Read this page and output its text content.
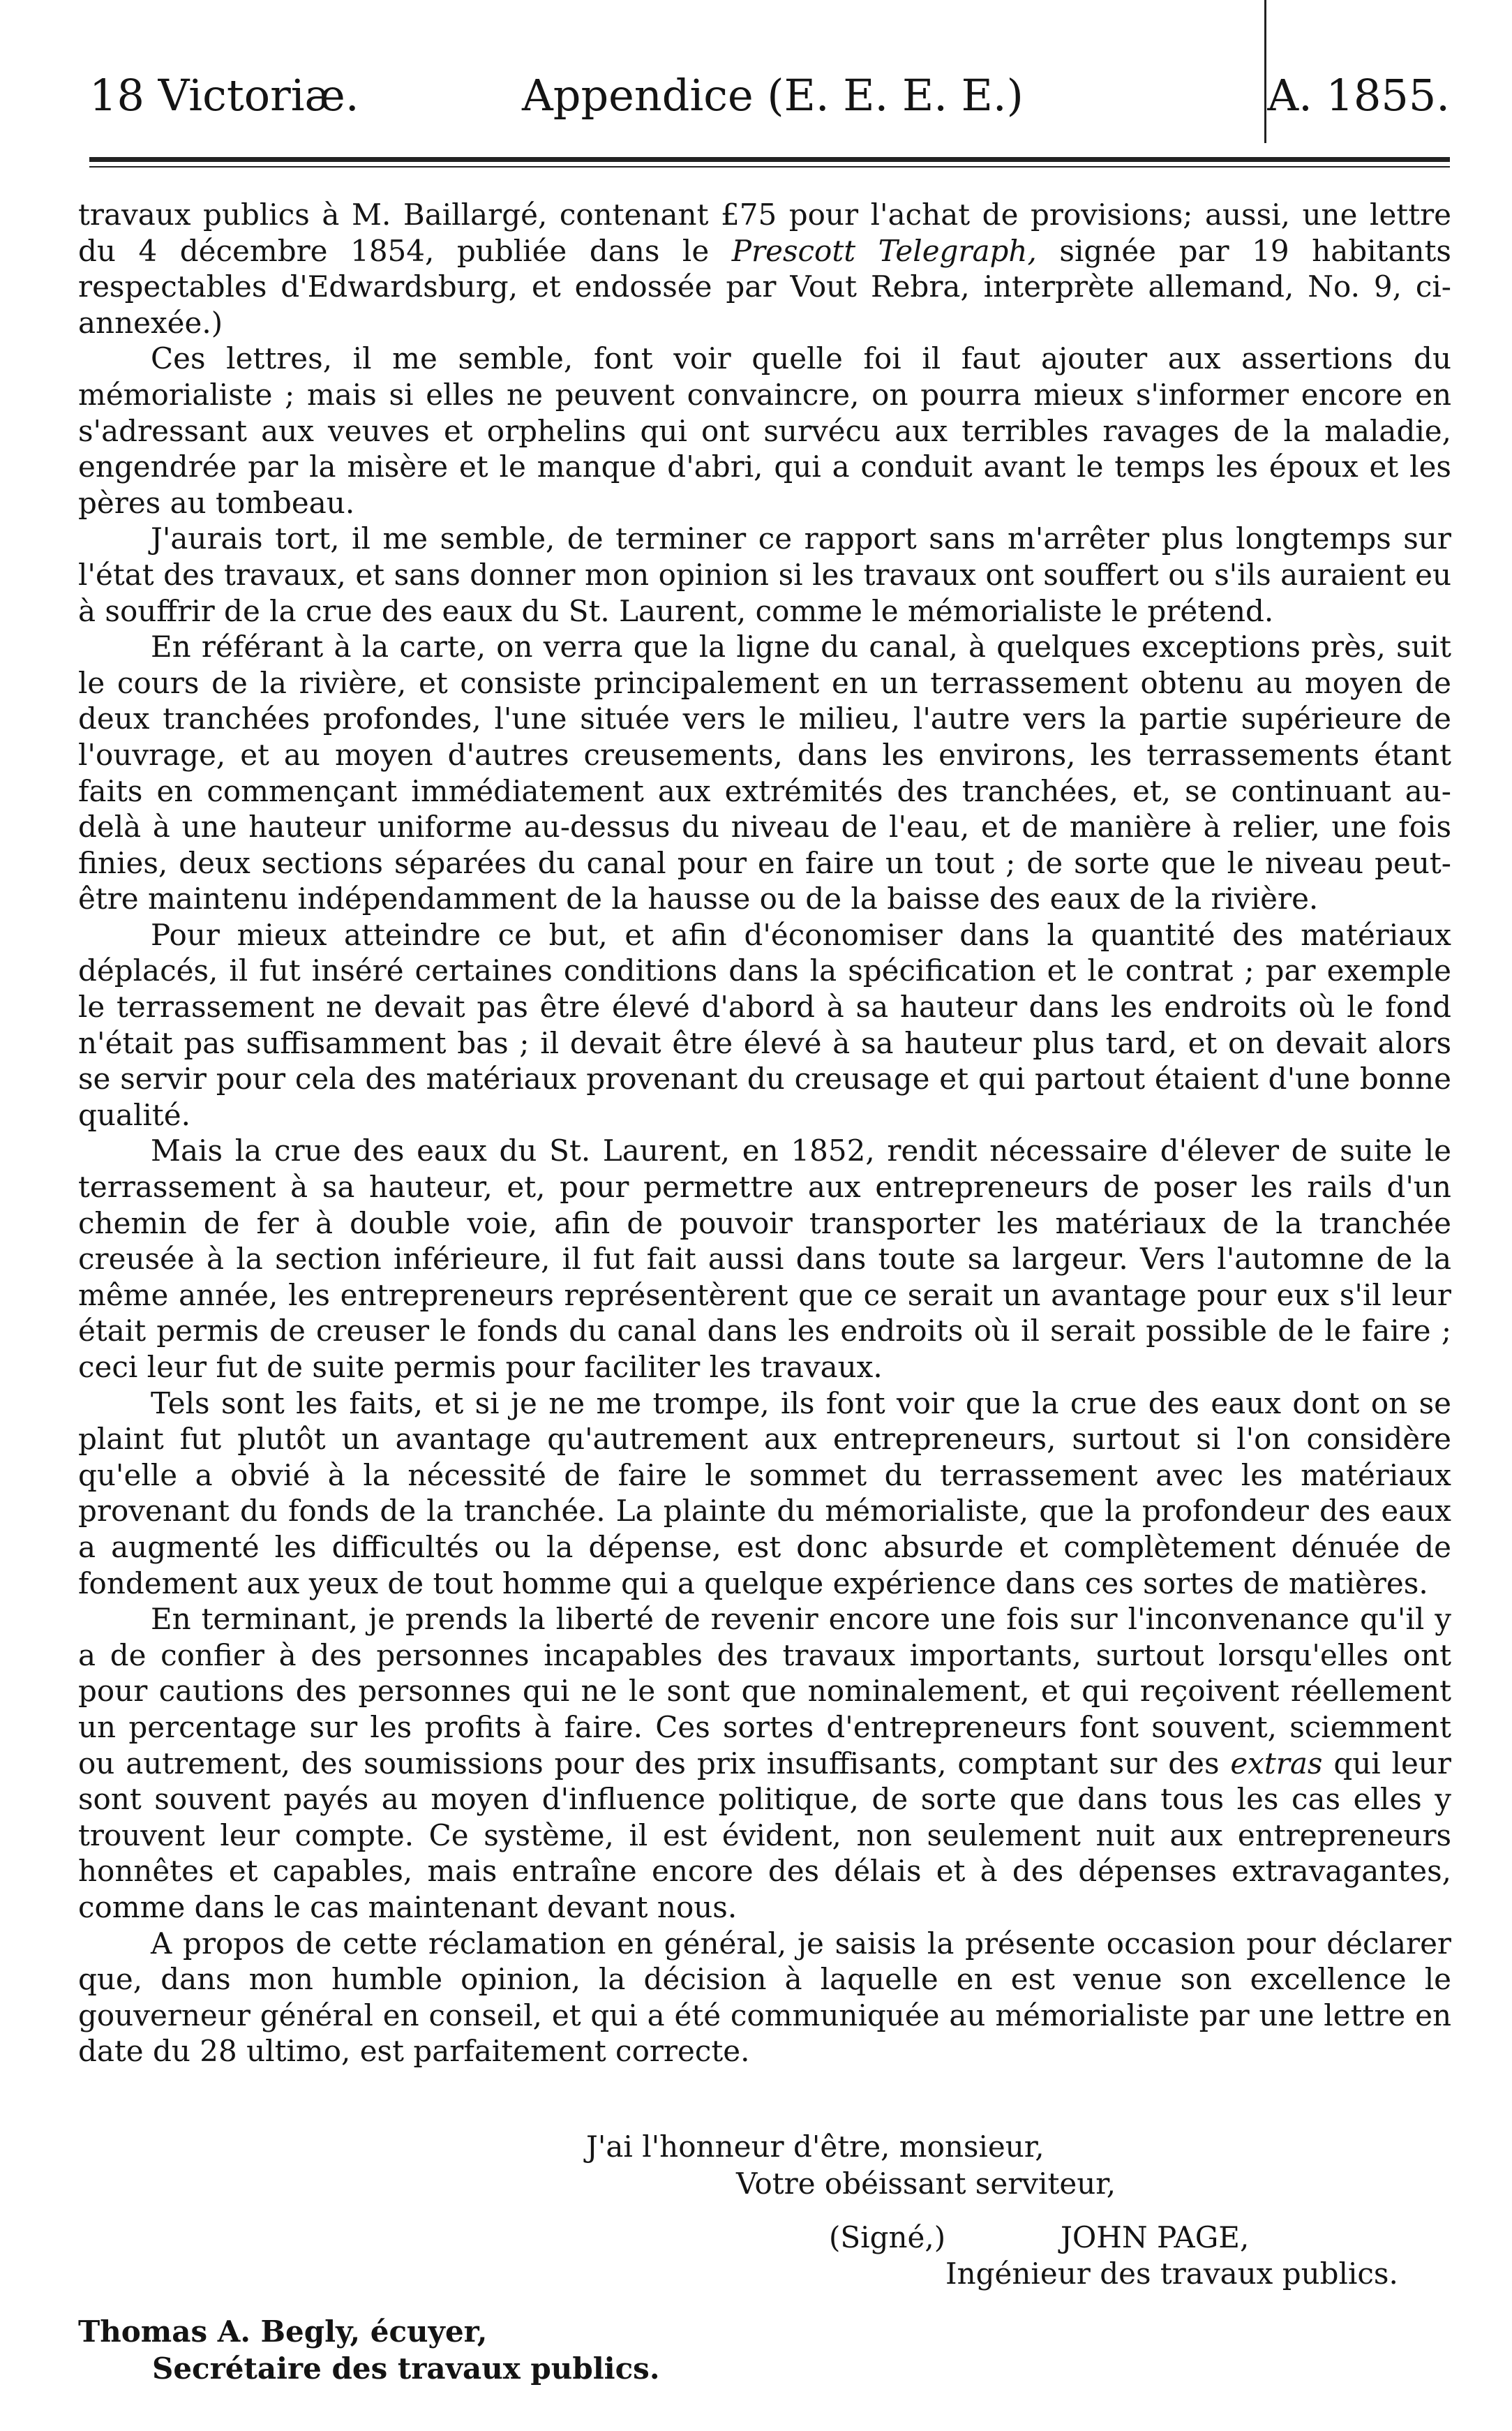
18 Victoriæ.	Appendice (E. E. E. E.)	A. 1855.

travaux publics à M. Baillargé, contenant £75 pour l'achat de provisions; aussi, une lettre du 4 décembre 1854, publiée dans le Prescott Telegraph, signée par 19 habitants respectables d'Edwardsburg, et endossée par Vout Rebra, interprète allemand, No. 9, ci-annexée.)

Ces lettres, il me semble, font voir quelle foi il faut ajouter aux assertions du mémorialiste ; mais si elles ne peuvent convaincre, on pourra mieux s'informer encore en s'adressant aux veuves et orphelins qui ont survécu aux terribles ravages de la maladie, engendrée par la misère et le manque d'abri, qui a conduit avant le temps les époux et les pères au tombeau.

J'aurais tort, il me semble, de terminer ce rapport sans m'arrêter plus longtemps sur l'état des travaux, et sans donner mon opinion si les travaux ont souffert ou s'ils auraient eu à souffrir de la crue des eaux du St. Laurent, comme le mémorialiste le prétend.

En référant à la carte, on verra que la ligne du canal, à quelques exceptions près, suit le cours de la rivière, et consiste principalement en un terrassement obtenu au moyen de deux tranchées profondes, l'une située vers le milieu, l'autre vers la partie supérieure de l'ouvrage, et au moyen d'autres creusements, dans les environs, les terrassements étant faits en commençant immédiatement aux extrémités des tranchées, et, se continuant au-delà à une hauteur uniforme au-dessus du niveau de l'eau, et de manière à relier, une fois finies, deux sections séparées du canal pour en faire un tout ; de sorte que le niveau peut-être maintenu indépendamment de la hausse ou de la baisse des eaux de la rivière.

Pour mieux atteindre ce but, et afin d'économiser dans la quantité des matériaux déplacés, il fut inséré certaines conditions dans la spécification et le contrat ; par exemple le terrassement ne devait pas être élevé d'abord à sa hauteur dans les endroits où le fond n'était pas suffisamment bas ; il devait être élevé à sa hauteur plus tard, et on devait alors se servir pour cela des matériaux provenant du creusage et qui partout étaient d'une bonne qualité.

Mais la crue des eaux du St. Laurent, en 1852, rendit nécessaire d'élever de suite le terrassement à sa hauteur, et, pour permettre aux entrepreneurs de poser les rails d'un chemin de fer à double voie, afin de pouvoir transporter les matériaux de la tranchée creusée à la section inférieure, il fut fait aussi dans toute sa largeur. Vers l'automne de la même année, les entrepreneurs représentèrent que ce serait un avantage pour eux s'il leur était permis de creuser le fonds du canal dans les endroits où il serait possible de le faire ; ceci leur fut de suite permis pour faciliter les travaux.

Tels sont les faits, et si je ne me trompe, ils font voir que la crue des eaux dont on se plaint fut plutôt un avantage qu'autrement aux entrepreneurs, surtout si l'on considère qu'elle a obvié à la nécessité de faire le sommet du terrassement avec les matériaux provenant du fonds de la tranchée. La plainte du mémorialiste, que la profondeur des eaux a augmenté les difficultés ou la dépense, est donc absurde et complètement dénuée de fondement aux yeux de tout homme qui a quelque expérience dans ces sortes de matières.

En terminant, je prends la liberté de revenir encore une fois sur l'inconvenance qu'il y a de confier à des personnes incapables des travaux importants, surtout lorsqu'elles ont pour cautions des personnes qui ne le sont que nominalement, et qui reçoivent réellement un percentage sur les profits à faire. Ces sortes d'entrepreneurs font souvent, sciemment ou autrement, des soumissions pour des prix insuffisants, comptant sur des extras qui leur sont souvent payés au moyen d'influence politique, de sorte que dans tous les cas elles y trouvent leur compte. Ce système, il est évident, non seulement nuit aux entrepreneurs honnêtes et capables, mais entraîne encore des délais et à des dépenses extravagantes, comme dans le cas maintenant devant nous.

A propos de cette réclamation en général, je saisis la présente occasion pour déclarer que, dans mon humble opinion, la décision à laquelle en est venue son excellence le gouverneur général en conseil, et qui a été communiquée au mémorialiste par une lettre en date du 28 ultimo, est parfaitement correcte.

J'ai l'honneur d'être, monsieur,
Votre obéissant serviteur,
(Signé,)	JOHN PAGE,
Ingénieur des travaux publics.
Thomas A. Begly, écuyer,
Secrétaire des travaux publics.
